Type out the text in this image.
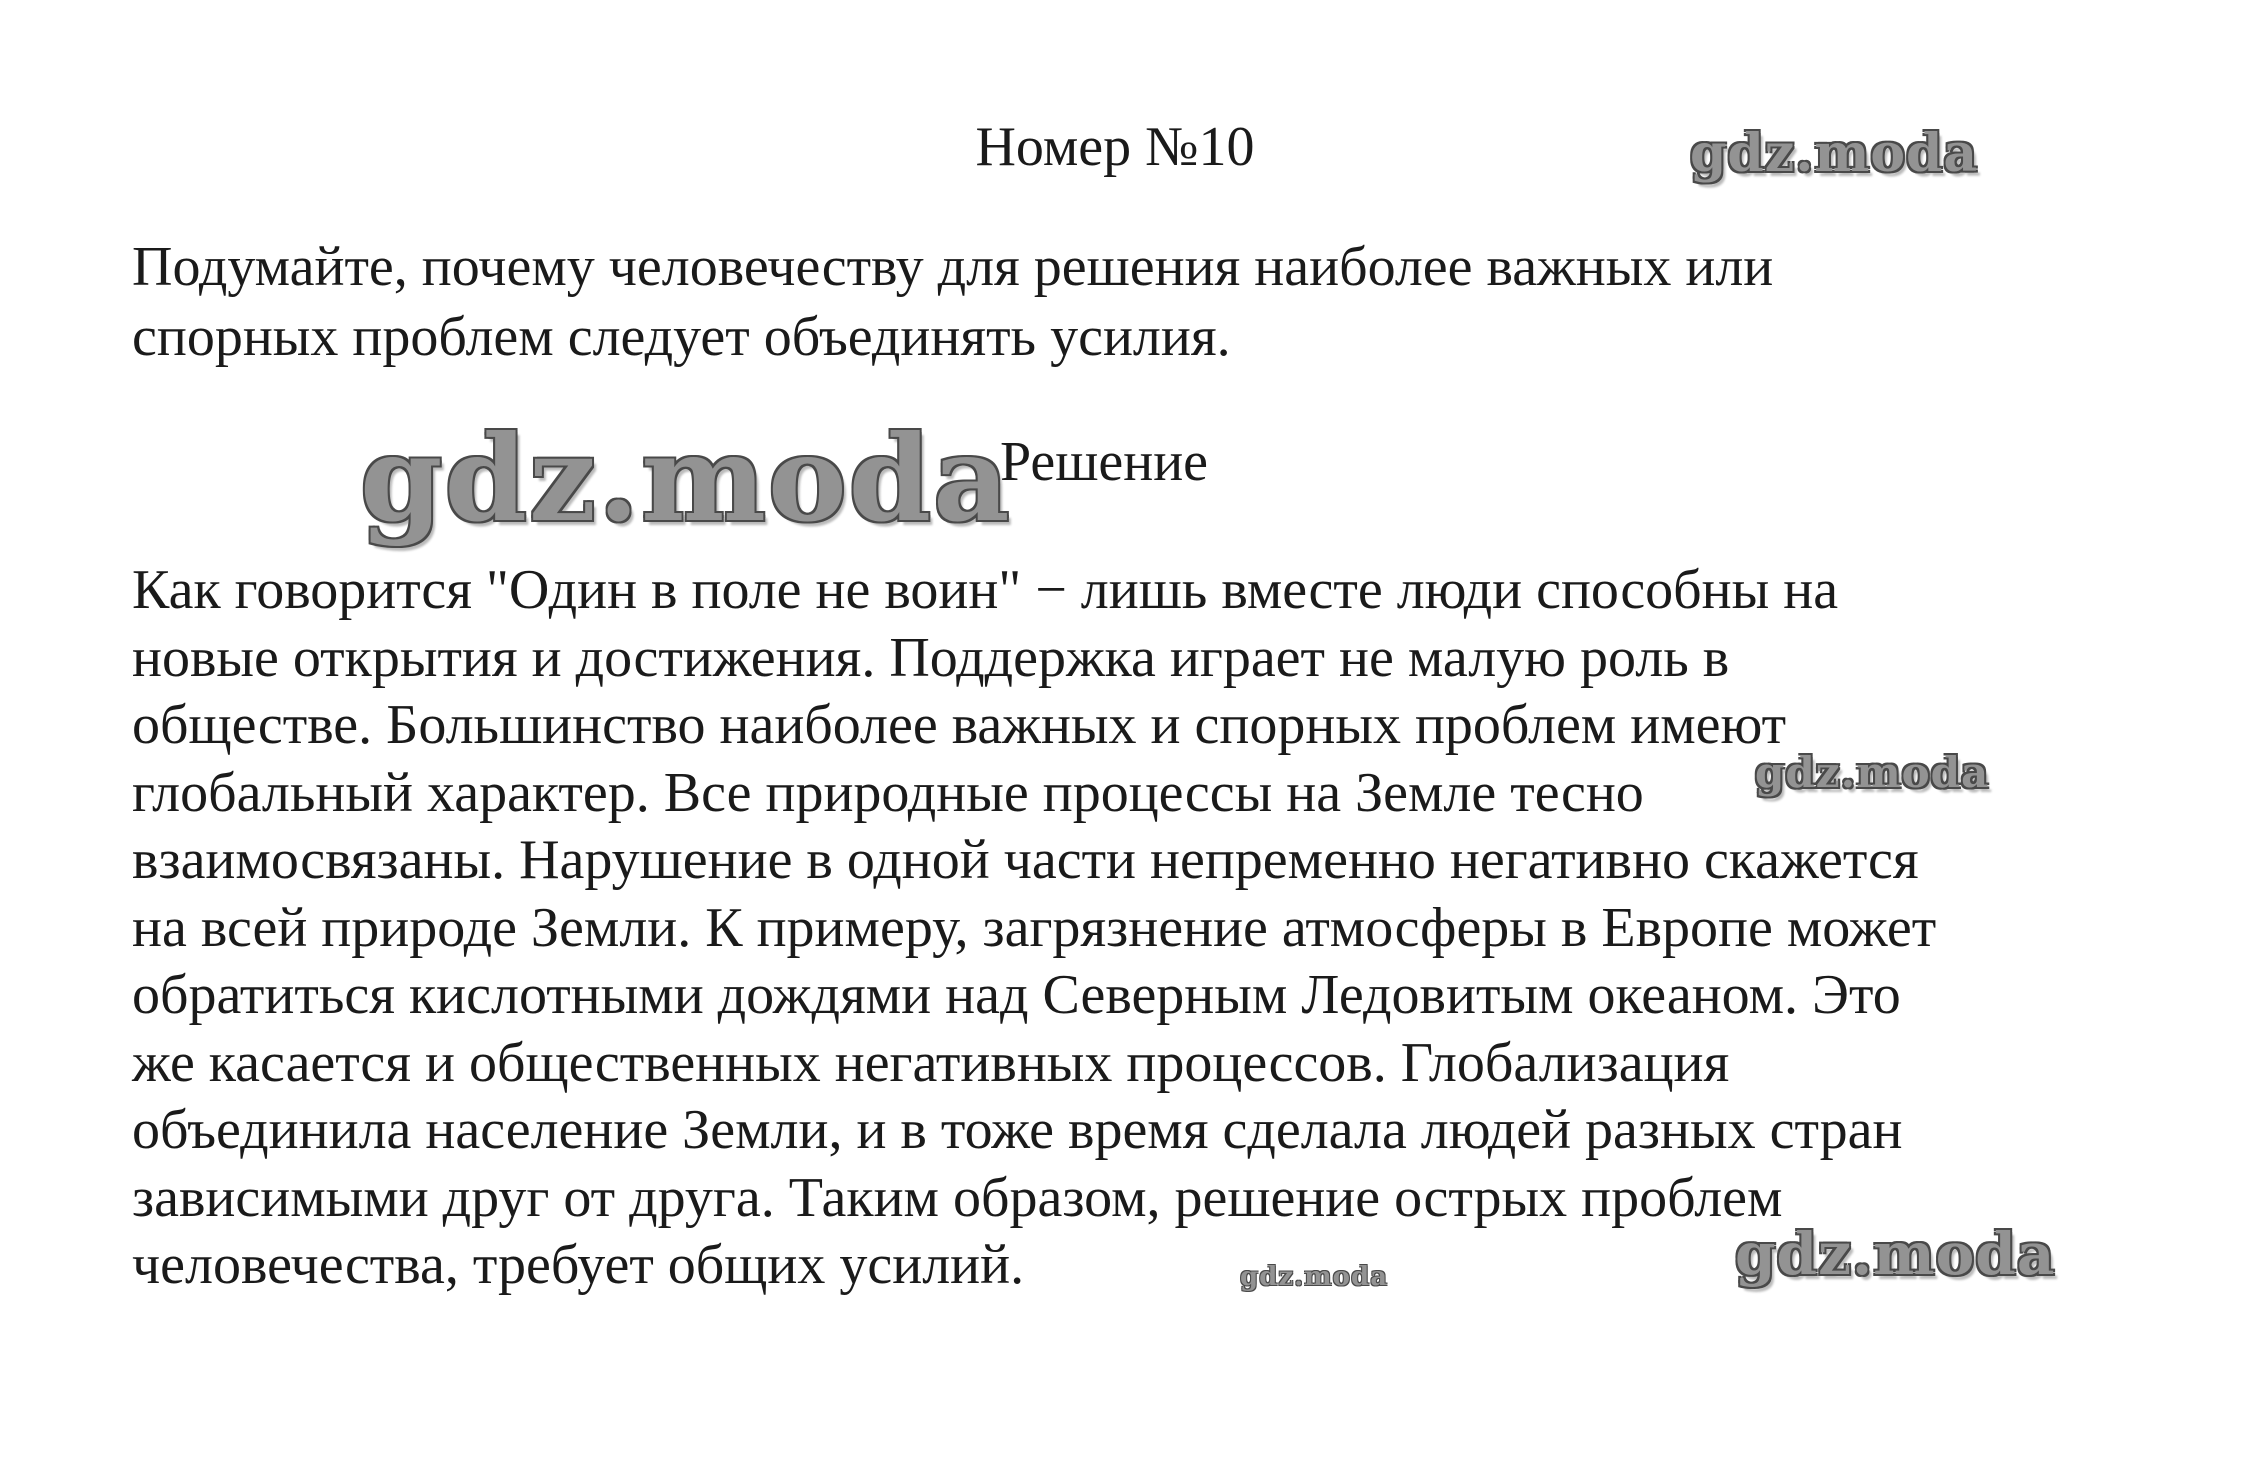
Номер №10
Подумайте, почему человечеству для решения наиболее важных или
спорных проблем следует объединять усилия.
Решение
Как говорится "Один в поле не воин" − лишь вместе люди способны на
новые открытия и достижения. Поддержка играет не малую роль в
обществе. Большинство наиболее важных и спорных проблем имеют
глобальный характер. Все природные процессы на Земле тесно
взаимосвязаны. Нарушение в одной части непременно негативно скажется
на всей природе Земли. К примеру, загрязнение атмосферы в Европе может
обратиться кислотными дождями над Северным Ледовитым океаном. Это
же касается и общественных негативных процессов. Глобализация
объединила население Земли, и в тоже время сделала людей разных стран
зависимыми друг от друга. Таким образом, решение острых проблем
человечества, требует общих усилий.
gdz.moda
gdz.moda
gdz.moda
gdz.moda
gdz.moda
